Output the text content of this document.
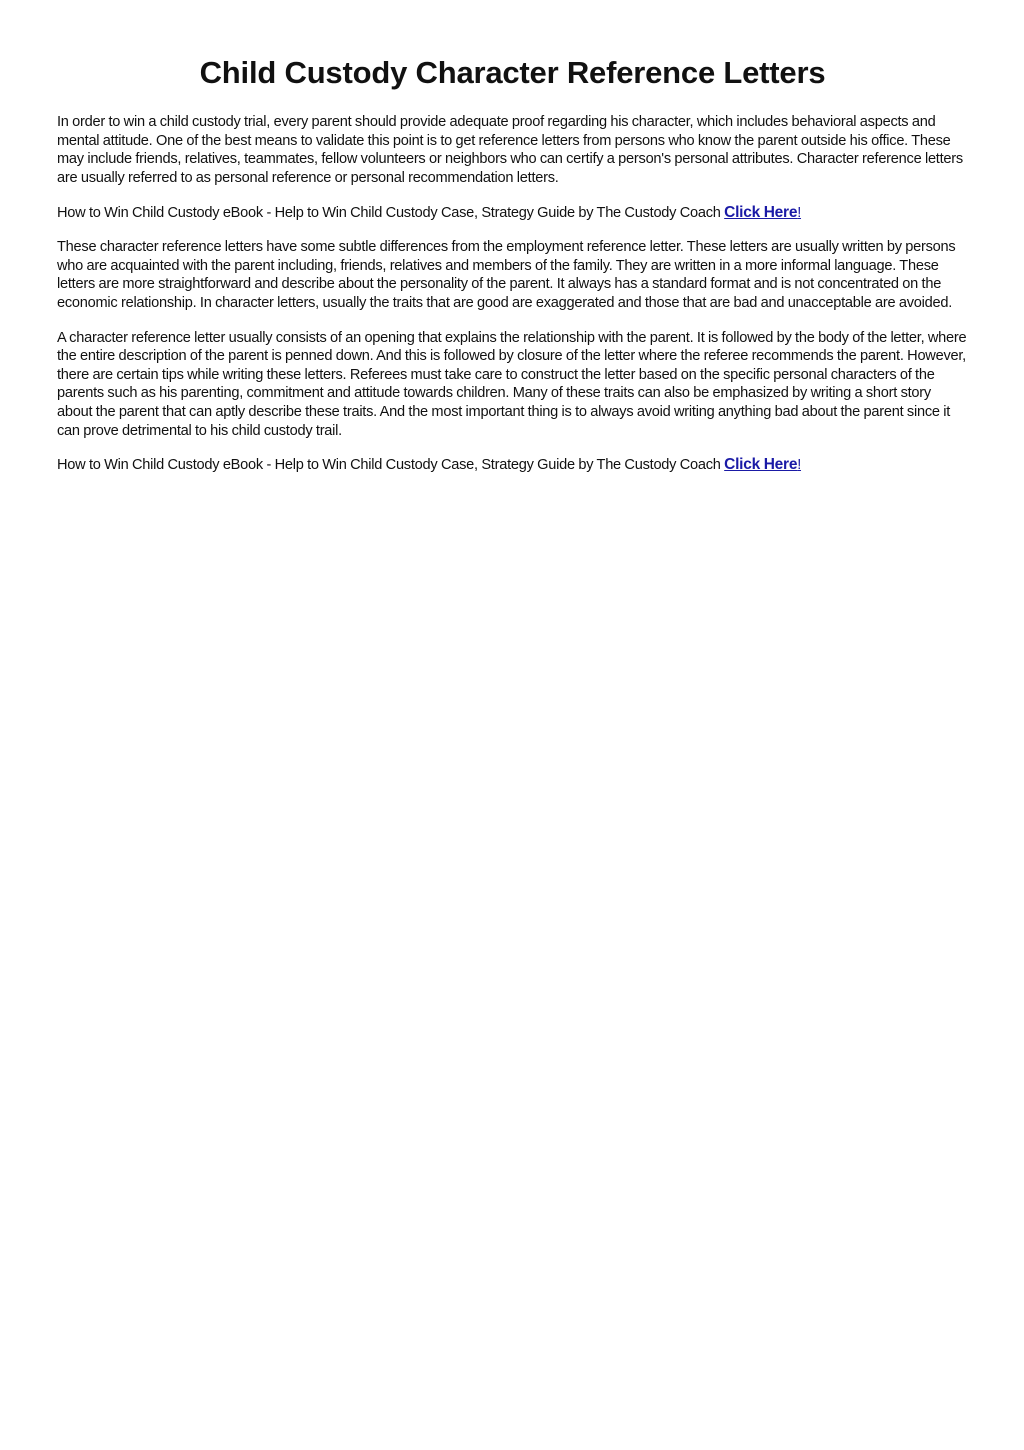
Child Custody Character Reference Letters

In order to win a child custody trial, every parent should provide adequate proof regarding his character, which includes behavioral aspects and mental attitude. One of the best means to validate this point is to get reference letters from persons who know the parent outside his office. These may include friends, relatives, teammates, fellow volunteers or neighbors who can certify a person's personal attributes. Character reference letters are usually referred to as personal reference or personal recommendation letters.

How to Win Child Custody eBook - Help to Win Child Custody Case, Strategy Guide by The Custody Coach Click Here!

These character reference letters have some subtle differences from the employment reference letter. These letters are usually written by persons who are acquainted with the parent including, friends, relatives and members of the family. They are written in a more informal language. These letters are more straightforward and describe about the personality of the parent. It always has a standard format and is not concentrated on the economic relationship. In character letters, usually the traits that are good are exaggerated and those that are bad and unacceptable are avoided.

A character reference letter usually consists of an opening that explains the relationship with the parent. It is followed by the body of the letter, where the entire description of the parent is penned down. And this is followed by closure of the letter where the referee recommends the parent. However, there are certain tips while writing these letters. Referees must take care to construct the letter based on the specific personal characters of the parents such as his parenting, commitment and attitude towards children. Many of these traits can also be emphasized by writing a short story about the parent that can aptly describe these traits. And the most important thing is to always avoid writing anything bad about the parent since it can prove detrimental to his child custody trail.

How to Win Child Custody eBook - Help to Win Child Custody Case, Strategy Guide by The Custody Coach Click Here!
